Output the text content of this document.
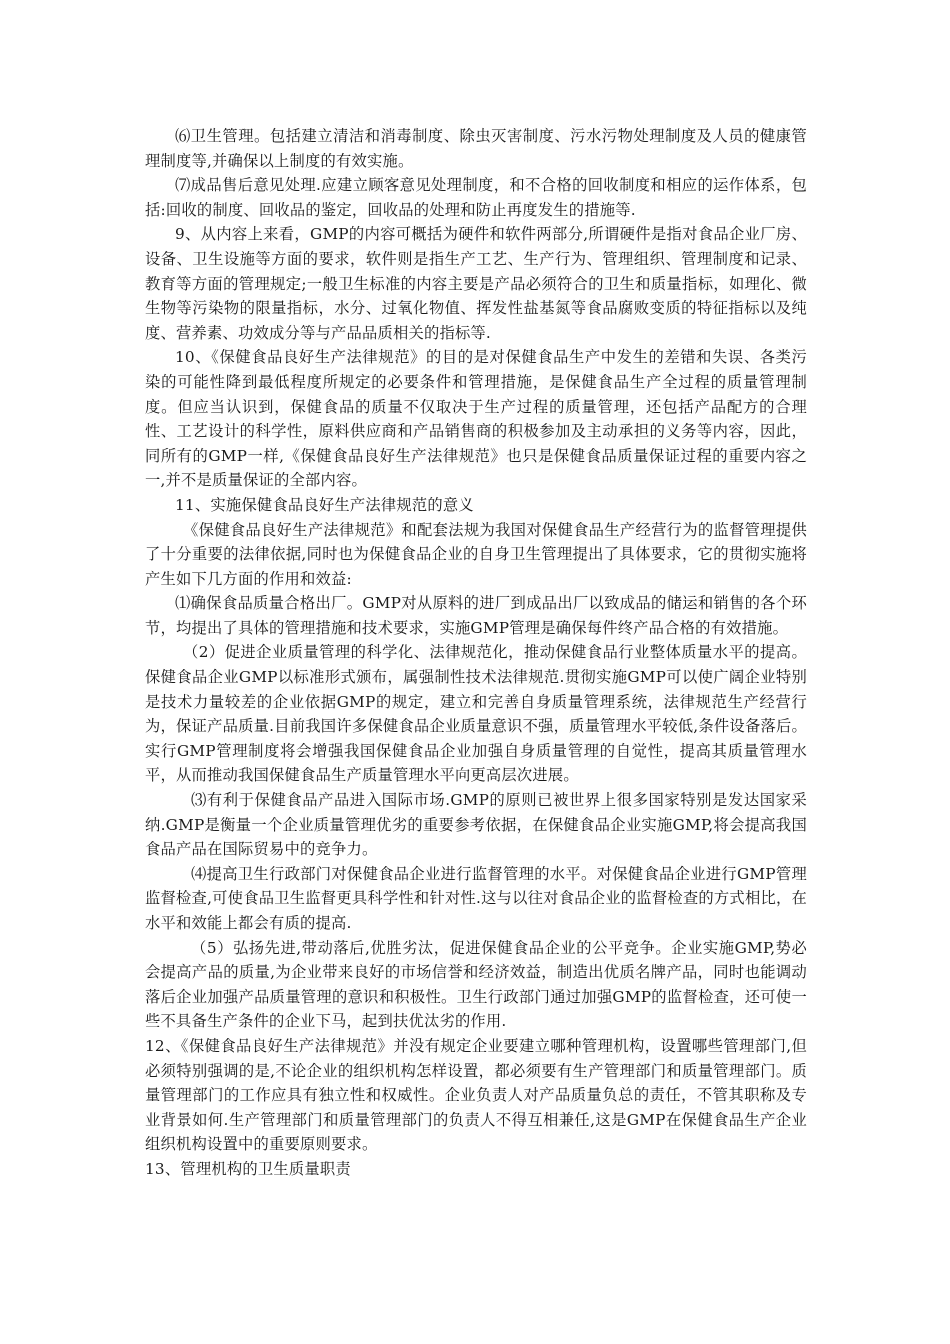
⑹卫生管理。包括建立清洁和消毒制度、除虫灭害制度、污水污物处理制度及人员的健康管理制度等,并确保以上制度的有效实施。

⑺成品售后意见处理.应建立顾客意见处理制度，和不合格的回收制度和相应的运作体系，包括:回收的制度、回收品的鉴定，回收品的处理和防止再度发生的措施等.

9、从内容上来看，GMP的内容可概括为硬件和软件两部分,所谓硬件是指对食品企业厂房、设备、卫生设施等方面的要求，软件则是指生产工艺、生产行为、管理组织、管理制度和记录、教育等方面的管理规定;一般卫生标准的内容主要是产品必须符合的卫生和质量指标，如理化、微生物等污染物的限量指标，水分、过氧化物值、挥发性盐基氮等食品腐败变质的特征指标以及纯度、营养素、功效成分等与产品品质相关的指标等.

10、《保健食品良好生产法律规范》的目的是对保健食品生产中发生的差错和失误、各类污染的可能性降到最低程度所规定的必要条件和管理措施，是保健食品生产全过程的质量管理制度。但应当认识到，保健食品的质量不仅取决于生产过程的质量管理，还包括产品配方的合理性、工艺设计的科学性，原料供应商和产品销售商的积极参加及主动承担的义务等内容，因此，同所有的GMP一样,《保健食品良好生产法律规范》也只是保健食品质量保证过程的重要内容之一,并不是质量保证的全部内容。

11、实施保健食品良好生产法律规范的意义

《保健食品良好生产法律规范》和配套法规为我国对保健食品生产经营行为的监督管理提供了十分重要的法律依据,同时也为保健食品企业的自身卫生管理提出了具体要求，它的贯彻实施将产生如下几方面的作用和效益:

⑴确保食品质量合格出厂。GMP对从原料的进厂到成品出厂以致成品的储运和销售的各个环节，均提出了具体的管理措施和技术要求，实施GMP管理是确保每件终产品合格的有效措施。

（2）促进企业质量管理的科学化、法律规范化，推动保健食品行业整体质量水平的提高。保健食品企业GMP以标准形式颁布，属强制性技术法律规范.贯彻实施GMP可以使广阔企业特别是技术力量较差的企业依据GMP的规定，建立和完善自身质量管理系统，法律规范生产经营行为，保证产品质量.目前我国许多保健食品企业质量意识不强，质量管理水平较低,条件设备落后。实行GMP管理制度将会增强我国保健食品企业加强自身质量管理的自觉性，提高其质量管理水平，从而推动我国保健食品生产质量管理水平向更高层次进展。

⑶有利于保健食品产品进入国际市场.GMP的原则已被世界上很多国家特别是发达国家采纳.GMP是衡量一个企业质量管理优劣的重要参考依据，在保健食品企业实施GMP,将会提高我国食品产品在国际贸易中的竞争力。

⑷提高卫生行政部门对保健食品企业进行监督管理的水平。对保健食品企业进行GMP管理监督检查,可使食品卫生监督更具科学性和针对性.这与以往对食品企业的监督检查的方式相比，在水平和效能上都会有质的提高.

（5）弘扬先进,带动落后,优胜劣汰，促进保健食品企业的公平竞争。企业实施GMP,势必会提高产品的质量,为企业带来良好的市场信誉和经济效益，制造出优质名牌产品，同时也能调动落后企业加强产品质量管理的意识和积极性。卫生行政部门通过加强GMP的监督检查，还可使一些不具备生产条件的企业下马，起到扶优汰劣的作用.

12、《保健食品良好生产法律规范》并没有规定企业要建立哪种管理机构，设置哪些管理部门,但必须特别强调的是,不论企业的组织机构怎样设置，都必须要有生产管理部门和质量管理部门。质量管理部门的工作应具有独立性和权威性。企业负责人对产品质量负总的责任，不管其职称及专业背景如何.生产管理部门和质量管理部门的负责人不得互相兼任,这是GMP在保健食品生产企业组织机构设置中的重要原则要求。

13、管理机构的卫生质量职责
